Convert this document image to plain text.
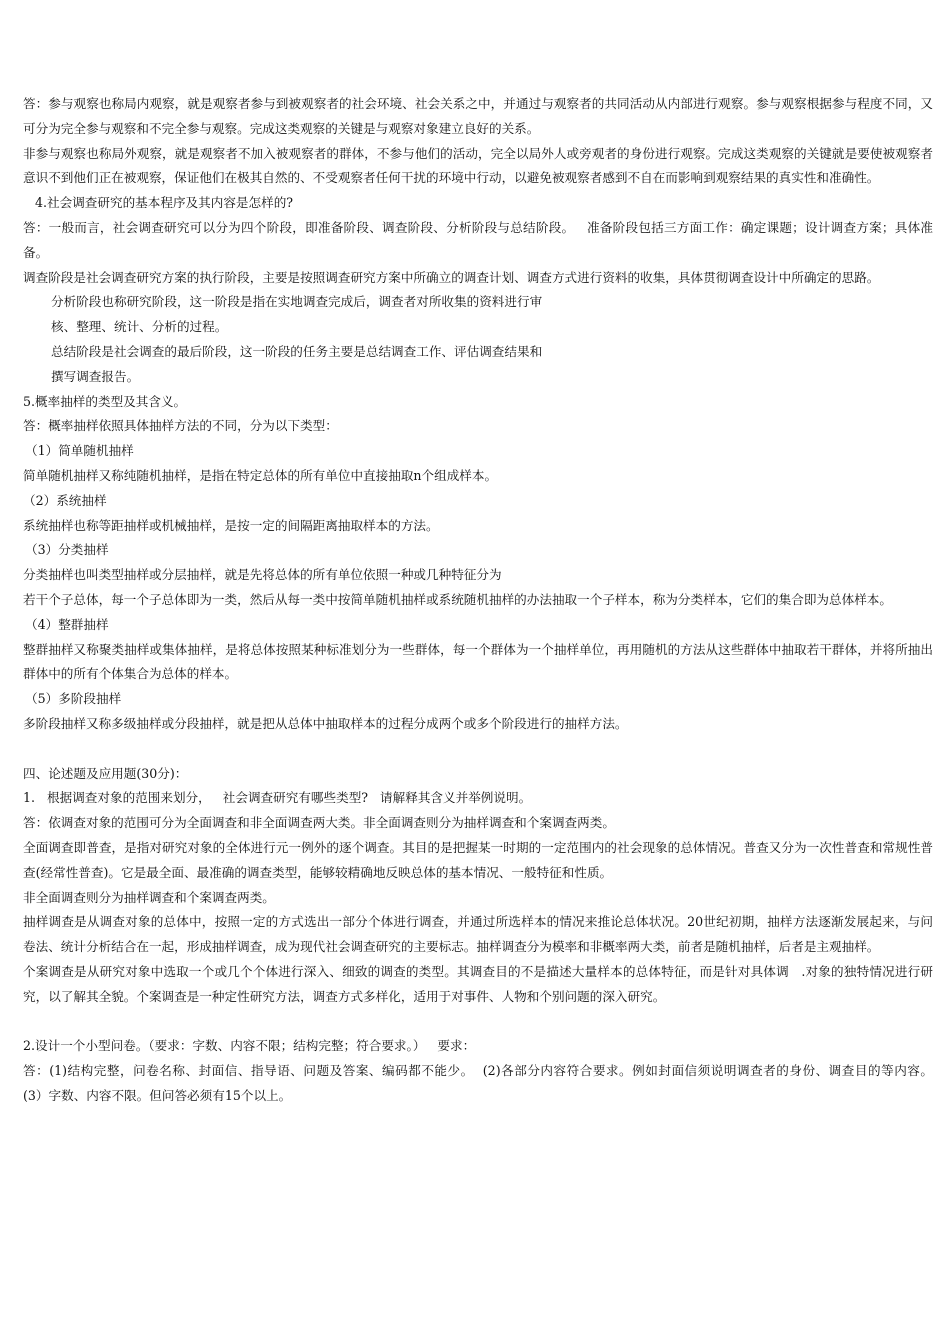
答：参与观察也称局内观察，就是观察者参与到被观察者的社会环境、社会关系之中，并通过与观察者的共同活动从内部进行观察。参与观察根据参与程度不同，又可分为完全参与观察和不完全参与观察。完成这类观察的关键是与观察对象建立良好的关系。

非参与观察也称局外观察，就是观察者不加入被观察者的群体，不参与他们的活动，完全以局外人或旁观者的身份进行观察。完成这类观察的关键就是要使被观察者意识不到他们正在被观察，保证他们在极其自然的、不受观察者任何干扰的环境中行动，以避免被观察者感到不自在而影响到观察结果的真实性和准确性。

4.社会调查研究的基本程序及其内容是怎样的?

答：一般而言，社会调查研究可以分为四个阶段，即准备阶段、调查阶段、分析阶段与总结阶段。   准备阶段包括三方面工作：确定课题；设计调查方案；具体准备。

调查阶段是社会调查研究方案的执行阶段，主要是按照调查研究方案中所确立的调查计划、调查方式进行资料的收集，具体贯彻调查设计中所确定的思路。

分析阶段也称研究阶段，这一阶段是指在实地调查完成后，调查者对所收集的资料进行审

核、整理、统计、分析的过程。

总结阶段是社会调查的最后阶段，这一阶段的任务主要是总结调查工作、评估调查结果和

撰写调查报告。

5.概率抽样的类型及其含义。

答：概率抽样依照具体抽样方法的不同，分为以下类型：

（1）简单随机抽样

简单随机抽样又称纯随机抽样，是指在特定总体的所有单位中直接抽取n个组成样本。

（2）系统抽样

系统抽样也称等距抽样或机械抽样，是按一定的间隔距离抽取样本的方法。

（3）分类抽样

分类抽样也叫类型抽样或分层抽样，就是先将总体的所有单位依照一种或几种特征分为

若干个子总体，每一个子总体即为一类，然后从每一类中按简单随机抽样或系统随机抽样的办法抽取一个子样本，称为分类样本，它们的集合即为总体样本。

（4）整群抽样

整群抽样又称聚类抽样或集体抽样，是将总体按照某种标准划分为一些群体，每一个群体为一个抽样单位，再用随机的方法从这些群体中抽取若干群体，并将所抽出群体中的所有个体集合为总体的样本。

（5）多阶段抽样

多阶段抽样又称多级抽样或分段抽样，就是把从总体中抽取样本的过程分成两个或多个阶段进行的抽样方法。

四、论述题及应用题(30分)：

1.   根据调查对象的范围来划分，   社会调查研究有哪些类型?   请解释其含义并举例说明。

答：依调查对象的范围可分为全面调查和非全面调查两大类。非全面调查则分为抽样调查和个案调查两类。

全面调查即普查，是指对研究对象的全体进行元一例外的逐个调查。其目的是把握某一时期的一定范围内的社会现象的总体情况。普查又分为一次性普查和常规性普查(经常性普查)。它是最全面、最准确的调查类型，能够较精确地反映总体的基本情况、一般特征和性质。

非全面调查则分为抽样调查和个案调查两类。

抽样调查是从调查对象的总体中，按照一定的方式选出一部分个体进行调查，并通过所选样本的情况来推论总体状况。20世纪初期，抽样方法逐渐发展起来，与问卷法、统计分析结合在一起，形成抽样调查，成为现代社会调查研究的主要标志。抽样调查分为模率和非概率两大类，前者是随机抽样，后者是主观抽样。

个案调查是从研究对象中选取一个或几个个体进行深入、细致的调查的类型。其调查目的不是描述大量样本的总体特征，而是针对具体调   .对象的独特情况进行研究，以了解其全貌。个案调查是一种定性研究方法，调查方式多样化，适用于对事件、人物和个别问题的深入研究。

2.设计一个小型问卷。（要求：字数、内容不限；结构完整；符合要求。）   要求：

答：(1)结构完整，问卷名称、封面信、指导语、问题及答案、编码都不能少。  (2)各部分内容符合要求。例如封面信须说明调查者的身份、调查目的等内容。    (3）字数、内容不限。但问答必须有15个以上。
